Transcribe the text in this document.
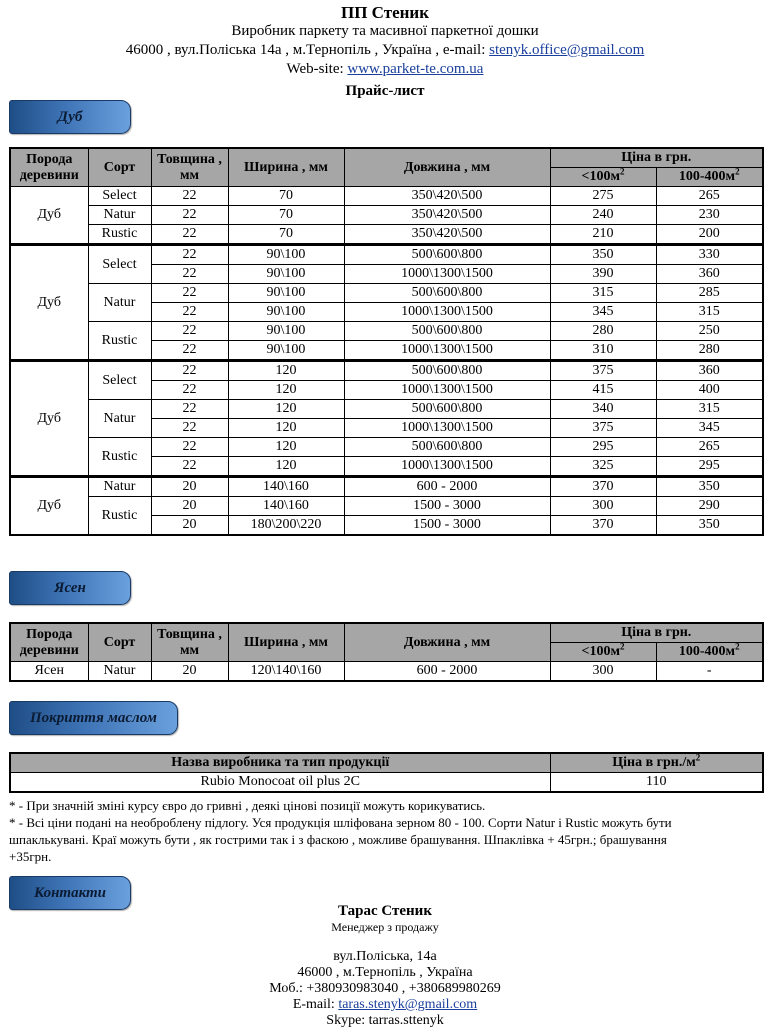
ПП Стеник
Виробник паркету та масивної паркетної дошки
46000 , вул.Поліська 14а , м.Тернопіль , Україна , e-mail: stenyk.office@gmail.com
Web-site: www.parket-te.com.ua
Прайс-лист
Дуб
Порода деревини	Сорт	Товщина , мм	Ширина , мм	Довжина , мм	Ціна в грн.	
					$<100м^2$	$100-400м^2$
Дуб	Select	22	70	350\420\500	275	265
	Natur	22	70	350\420\500	240	230
	Rustic	22	70	350\420\500	210	200
Дуб	Select	22	90\100	500\600\800	350	330
		22	90\100	1000\1300\1500	390	360
	Natur	22	90\100	500\600\800	315	285
		22	90\100	1000\1300\1500	345	315
	Rustic	22	90\100	500\600\800	280	250
		22	90\100	1000\1300\1500	310	280
Дуб	Select	22	120	500\600\800	375	360
		22	120	1000\1300\1500	415	400
	Natur	22	120	500\600\800	340	315
		22	120	1000\1300\1500	375	345
	Rustic	22	120	500\600\800	295	265
		22	120	1000\1300\1500	325	295
Дуб	Natur	20	140\160	600 - 2000	370	350
	Rustic	20	140\160	1500 - 3000	300	290
		20	180\200\220	1500 - 3000	370	350
Ясен
Порода деревини	Сорт	Товщина , мм	Ширина , мм	Довжина , мм	Ціна в грн.	
					$<100м^2$	$100-400м^2$
Ясен	Natur	20	120\140\160	600 - 2000	300	-
Покриття маслом
Назва виробника та тип продукції	Ціна в $грн./м^2$
Rubio Monocoat oil plus 2C	110
* - При значній зміні курсу євро до гривні , деякі цінові позиції можуть корикуватись.
* - Всі ціни подані на необроблену підлогу. Уся продукція шліфована зерном 80 - 100. Сорти Natur і Rustic можуть бути шпаклькувані. Краї можуть бути , як гострими так і з фаскою , можливе брашування. Шпаклівка + 45грн.; брашування +35грн.
Контакти
Тарас Стеник
Менеджер з продажу
вул.Поліська, 14а
46000 , м.Тернопіль , Україна
Моб.: +380930983040 , +380689980269
E-mail: taras.stenyk@gmail.com
Skype: tarras.sttenyk
